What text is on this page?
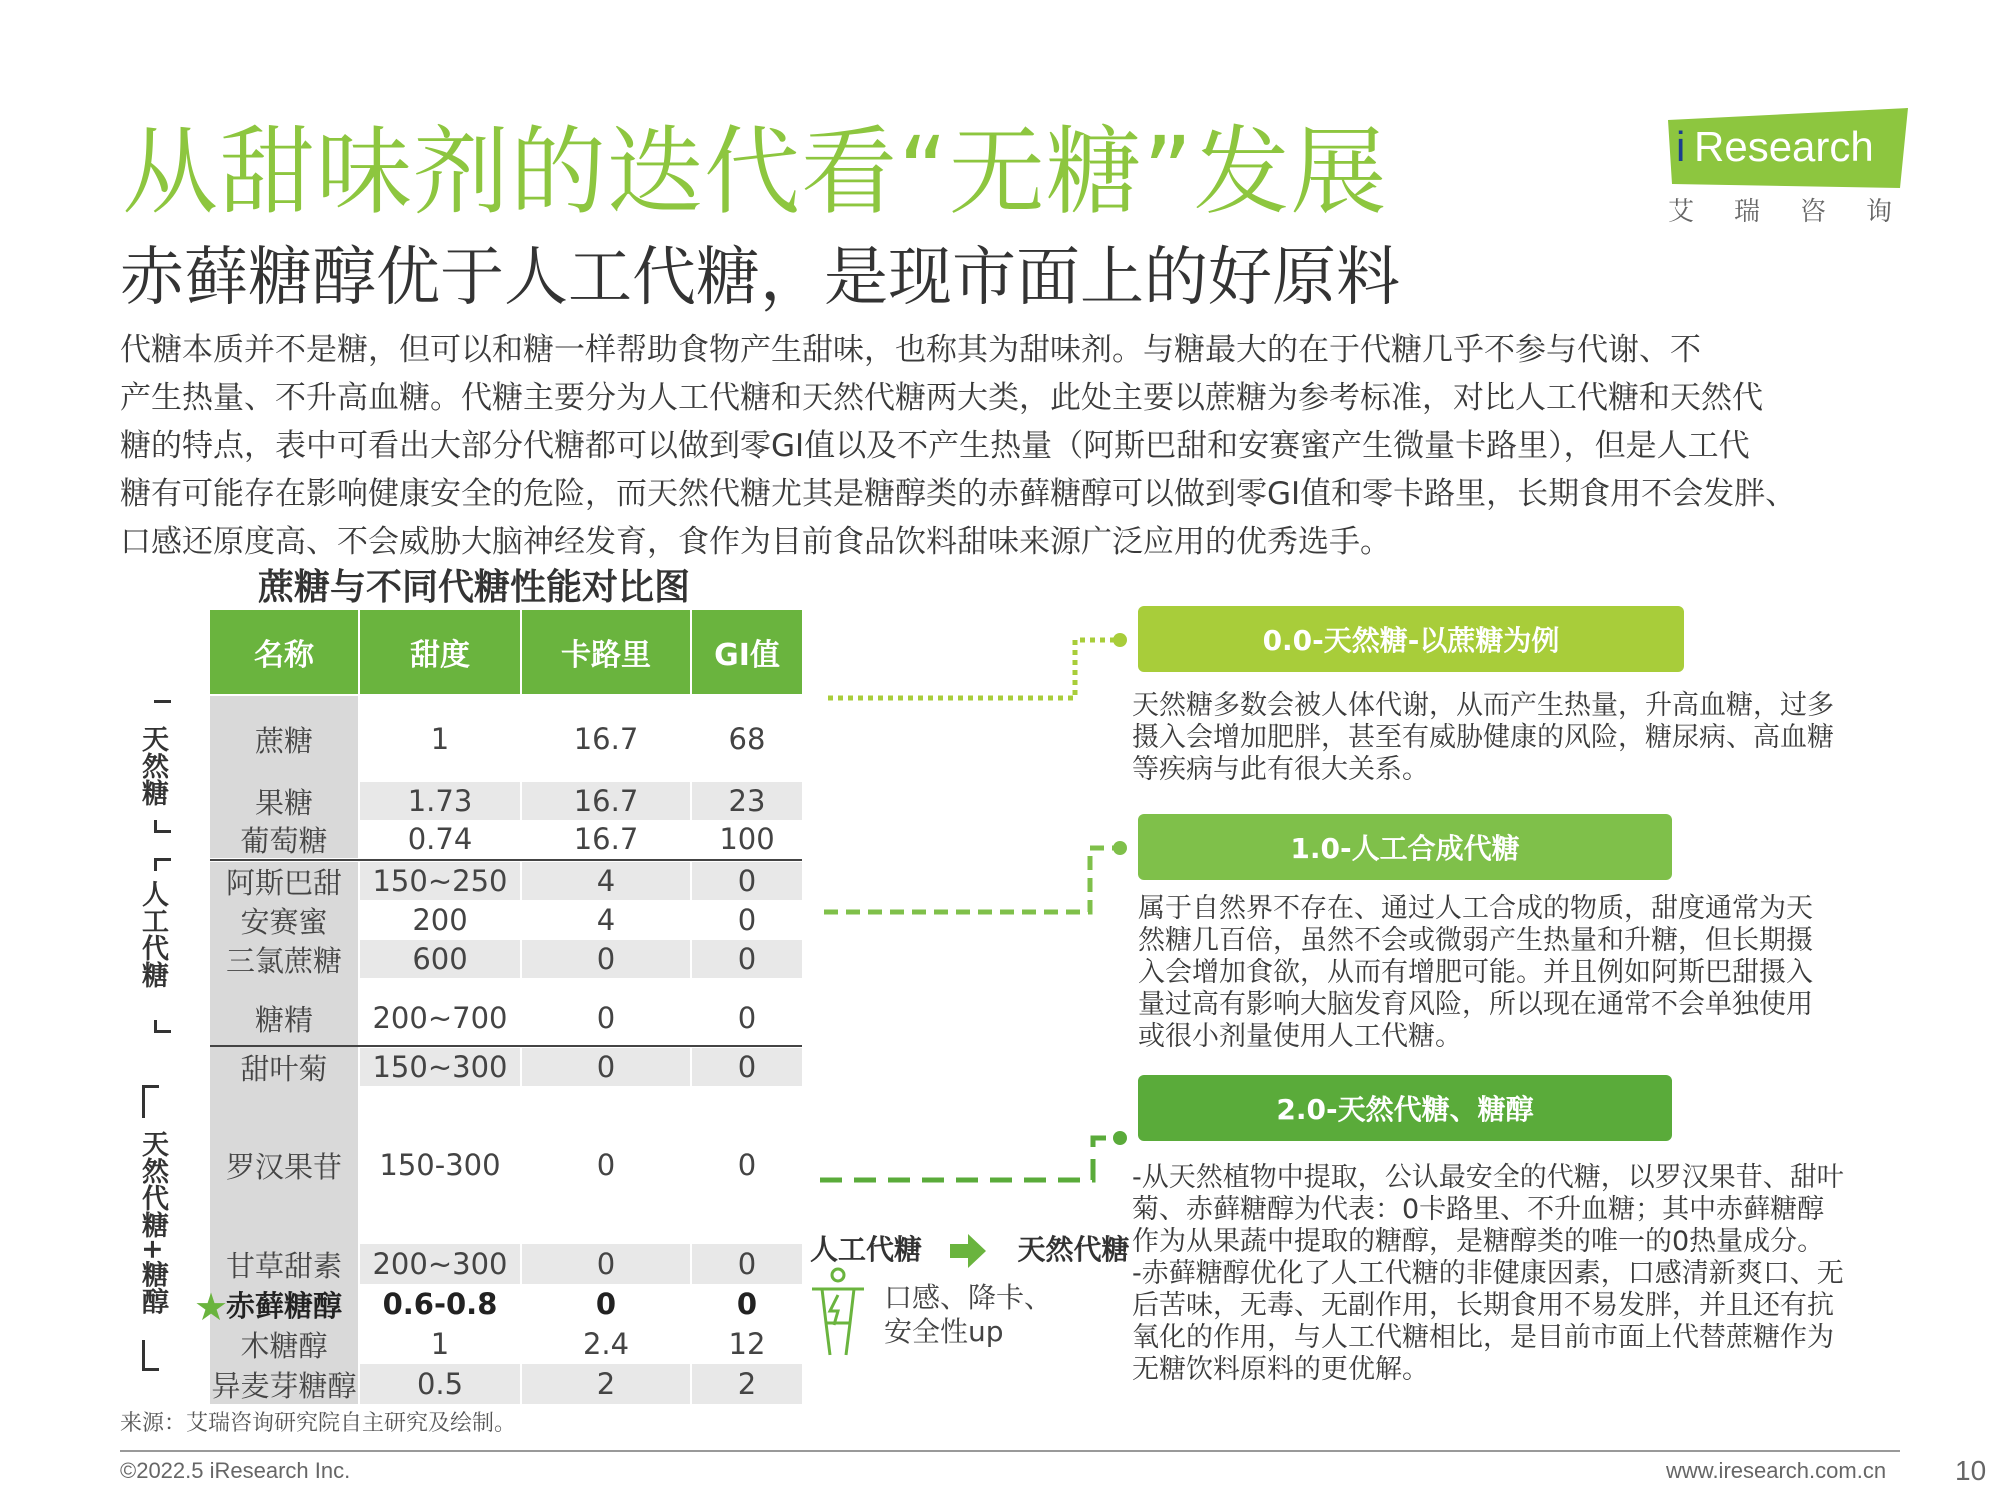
从甜味剂的迭代看“无糖”发展
赤藓糖醇优于人工代糖，是现市面上的好原料
i Research
艾瑞咨询

代糖本质并不是糖，但可以和糖一样帮助食物产生甜味，也称其为甜味剂。与糖最大的在于代糖几乎不参与代谢、不

产生热量、不升高血糖。代糖主要分为人工代糖和天然代糖两大类，此处主要以蔗糖为参考标准，对比人工代糖和天然代

糖的特点，表中可看出大部分代糖都可以做到零GI值以及不产生热量（阿斯巴甜和安赛蜜产生微量卡路里），但是人工代

糖有可能存在影响健康安全的危险，而天然代糖尤其是糖醇类的赤藓糖醇可以做到零GI值和零卡路里，长期食用不会发胖、

口感还原度高、不会威胁大脑神经发育，食作为目前食品饮料甜味来源广泛应用的优秀选手。

蔗糖与不同代糖性能对比图
天然糖
人工代糖
天然代糖+糖醇
名称	甜度	卡路里	GI值
蔗糖	1	16.7	68
果糖	1.73	16.7	23
葡萄糖	0.74	16.7	100
阿斯巴甜	150~250	4	0
安赛蜜	200	4	0
三氯蔗糖	600	0	0
糖精	200~700	0	0
甜叶菊	150~300	0	0
罗汉果苷	150-300	0	0
甘草甜素	200~300	0	0
赤藓糖醇	0.6-0.8	0	0
木糖醇	1	2.4	12
异麦芽糖醇	0.5	2	2
★
0.0-天然糖-以蔗糖为例

天然糖多数会被人体代谢，从而产生热量，升高血糖，过多

摄入会增加肥胖，甚至有威胁健康的风险，糖尿病、高血糖

等疾病与此有很大关系。

1.0-人工合成代糖

属于自然界不存在、通过人工合成的物质，甜度通常为天

然糖几百倍，虽然不会或微弱产生热量和升糖，但长期摄

入会增加食欲，从而有增肥可能。并且例如阿斯巴甜摄入

量过高有影响大脑发育风险，所以现在通常不会单独使用

或很小剂量使用人工代糖。

2.0-天然代糖、糖醇

-从天然植物中提取，公认最安全的代糖，以罗汉果苷、甜叶

菊、赤藓糖醇为代表：0卡路里、不升血糖；其中赤藓糖醇

作为从果蔬中提取的糖醇，是糖醇类的唯一的0热量成分。

-赤藓糖醇优化了人工代糖的非健康因素，口感清新爽口、无

后苦味，无毒、无副作用，长期食用不易发胖，并且还有抗

氧化的作用，与人工代糖相比，是目前市面上代替蔗糖作为

无糖饮料原料的更优解。

人工代糖	天然代糖

口感、降卡、

安全性up

来源：艾瑞咨询研究院自主研究及绘制。
©2022.5 iResearch Inc.	www.iresearch.com.cn 10
